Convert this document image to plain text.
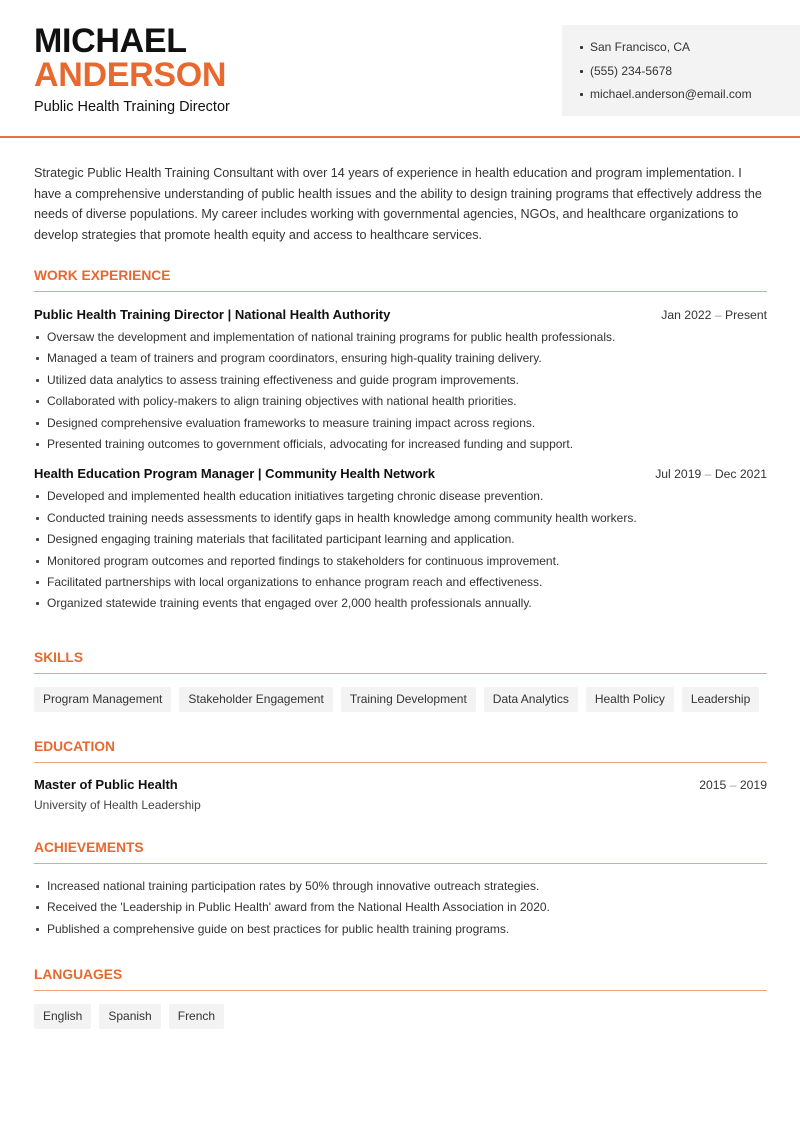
MICHAEL
ANDERSON
Public Health Training Director
San Francisco, CA
(555) 234-5678
michael.anderson@email.com

Strategic Public Health Training Consultant with over 14 years of experience in health education and program implementation. I have a comprehensive understanding of public health issues and the ability to design training programs that effectively address the needs of diverse populations. My career includes working with governmental agencies, NGOs, and healthcare organizations to develop strategies that promote health equity and access to healthcare services.

WORK EXPERIENCE
Public Health Training Director | National Health Authority	Jan 2022 – Present
Oversaw the development and implementation of national training programs for public health professionals.
Managed a team of trainers and program coordinators, ensuring high-quality training delivery.
Utilized data analytics to assess training effectiveness and guide program improvements.
Collaborated with policy-makers to align training objectives with national health priorities.
Designed comprehensive evaluation frameworks to measure training impact across regions.
Presented training outcomes to government officials, advocating for increased funding and support.
Health Education Program Manager | Community Health Network	Jul 2019 – Dec 2021
Developed and implemented health education initiatives targeting chronic disease prevention.
Conducted training needs assessments to identify gaps in health knowledge among community health workers.
Designed engaging training materials that facilitated participant learning and application.
Monitored program outcomes and reported findings to stakeholders for continuous improvement.
Facilitated partnerships with local organizations to enhance program reach and effectiveness.
Organized statewide training events that engaged over 2,000 health professionals annually.
SKILLS
Program Management	Stakeholder Engagement	Training Development	Data Analytics	Health Policy	Leadership
EDUCATION
Master of Public Health	2015 – 2019
University of Health Leadership
ACHIEVEMENTS
Increased national training participation rates by 50% through innovative outreach strategies.
Received the 'Leadership in Public Health' award from the National Health Association in 2020.
Published a comprehensive guide on best practices for public health training programs.
LANGUAGES
English	Spanish	French
